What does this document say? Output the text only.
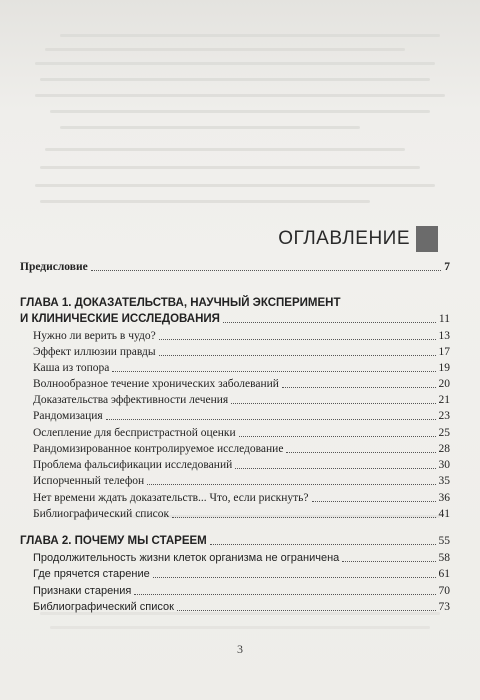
ОГЛАВЛЕНИЕ
Предисловие	7
ГЛАВА 1. ДОКАЗАТЕЛЬСТВА, НАУЧНЫЙ ЭКСПЕРИМЕНТ
И КЛИНИЧЕСКИЕ ИССЛЕДОВАНИЯ	11
Нужно ли верить в чудо?	13
Эффект иллюзии правды	17
Каша из топора	19
Волнообразное течение хронических заболеваний	20
Доказательства эффективности лечения	21
Рандомизация	23
Ослепление для беспристрастной оценки	25
Рандомизированное контролируемое исследование	28
Проблема фальсификации исследований	30
Испорченный телефон	35
Нет времени ждать доказательств... Что, если рискнуть?	36
Библиографический список	41
ГЛАВА 2. ПОЧЕМУ МЫ СТАРЕЕМ	55
Продолжительность жизни клеток организма не ограничена	58
Где прячется старение	61
Признаки старения	70
Библиографический список	73
3
